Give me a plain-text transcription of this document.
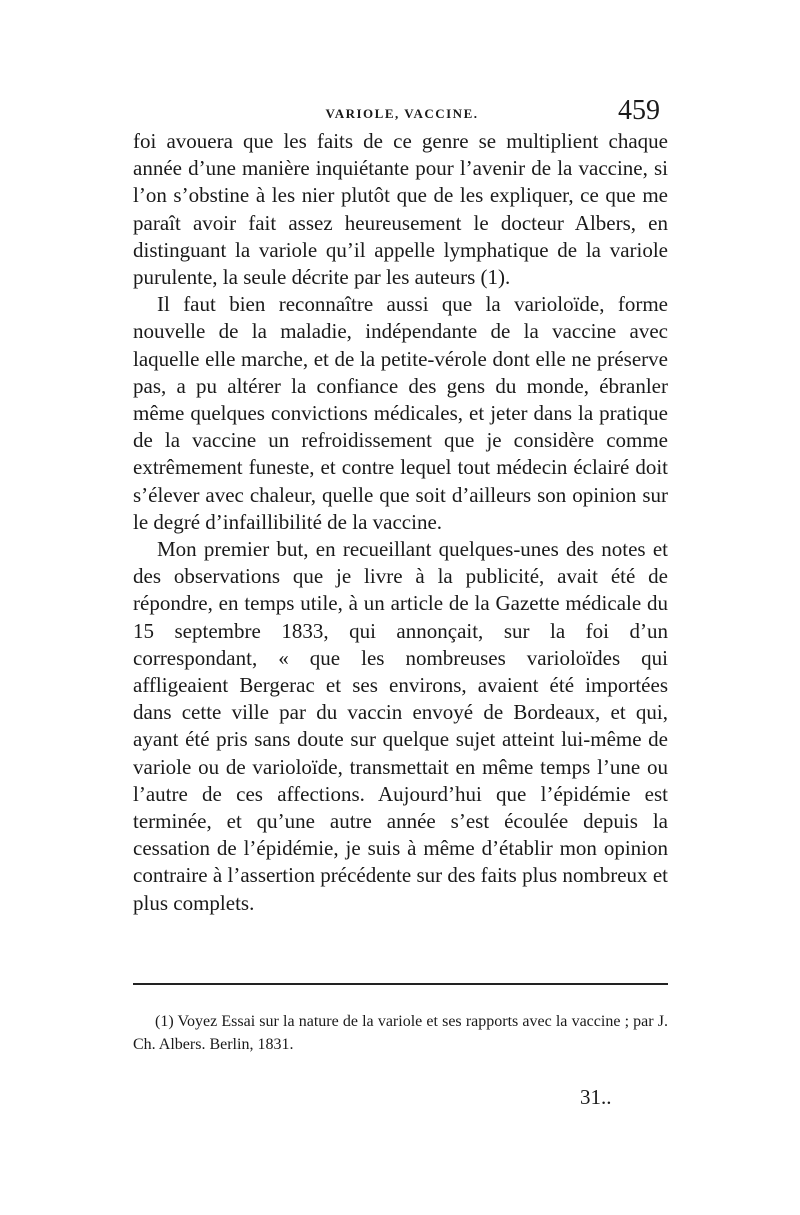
VARIOLE, VACCINE.	459

foi avouera que les faits de ce genre se multiplient chaque année d’une manière inquiétante pour l’avenir de la vaccine, si l’on s’obstine à les nier plutôt que de les expliquer, ce que me paraît avoir fait assez heureusement le docteur Albers, en distinguant la variole qu’il appelle lymphatique de la variole purulente, la seule décrite par les auteurs (1).

Il faut bien reconnaître aussi que la varioloïde, forme nouvelle de la maladie, indépendante de la vaccine avec laquelle elle marche, et de la petite-vérole dont elle ne préserve pas, a pu altérer la confiance des gens du monde, ébranler même quelques convictions médicales, et jeter dans la pratique de la vaccine un refroidissement que je considère comme extrêmement funeste, et contre lequel tout médecin éclairé doit s’élever avec chaleur, quelle que soit d’ailleurs son opinion sur le degré d’infaillibilité de la vaccine.

Mon premier but, en recueillant quelques-unes des notes et des observations que je livre à la publicité, avait été de répondre, en temps utile, à un article de la Gazette médicale du 15 septembre 1833, qui annonçait, sur la foi d’un correspondant, « que les nombreuses varioloïdes qui affligeaient Bergerac et ses environs, avaient été importées dans cette ville par du vaccin envoyé de Bordeaux, et qui, ayant été pris sans doute sur quelque sujet atteint lui-même de variole ou de varioloïde, transmettait en même temps l’une ou l’autre de ces affections. Aujourd’hui que l’épidémie est terminée, et qu’une autre année s’est écoulée depuis la cessation de l’épidémie, je suis à même d’établir mon opinion contraire à l’assertion précédente sur des faits plus nombreux et plus complets.

(1) Voyez Essai sur la nature de la variole et ses rapports avec la vaccine ; par J. Ch. Albers. Berlin, 1831.

31..
